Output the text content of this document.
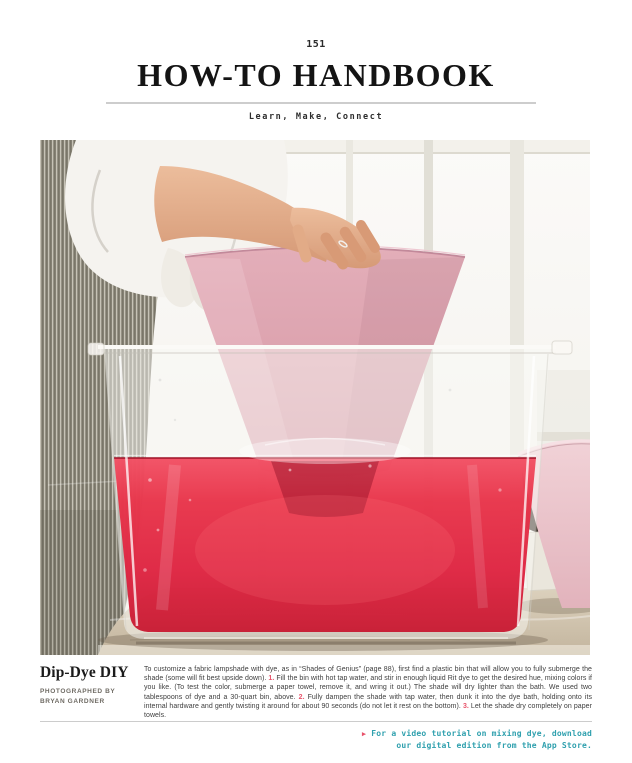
151
HOW-TO HANDBOOK
Learn, Make, Connect
Dip-Dye DIY
PHOTOGRAPHED BY
BRYAN GARDNER

To customize a fabric lampshade with dye, as in “Shades of Genius” (page 88), first find a plastic bin that will allow you to fully submerge the shade (some will fit best upside down). 1. Fill the bin with hot tap water, and stir in enough liquid Rit dye to get the desired hue, mixing colors if you like. (To test the color, submerge a paper towel, remove it, and wring it out.) The shade will dry lighter than the bath. We used two tablespoons of dye and a 30-quart bin, above. 2. Fully dampen the shade with tap water, then dunk it into the dye bath, holding onto its internal hardware and gently twisting it around for about 90 seconds (do not let it rest on the bottom). 3. Let the shade dry completely on paper towels.

▶ For a video tutorial on mixing dye, download
our digital edition from the App Store.
